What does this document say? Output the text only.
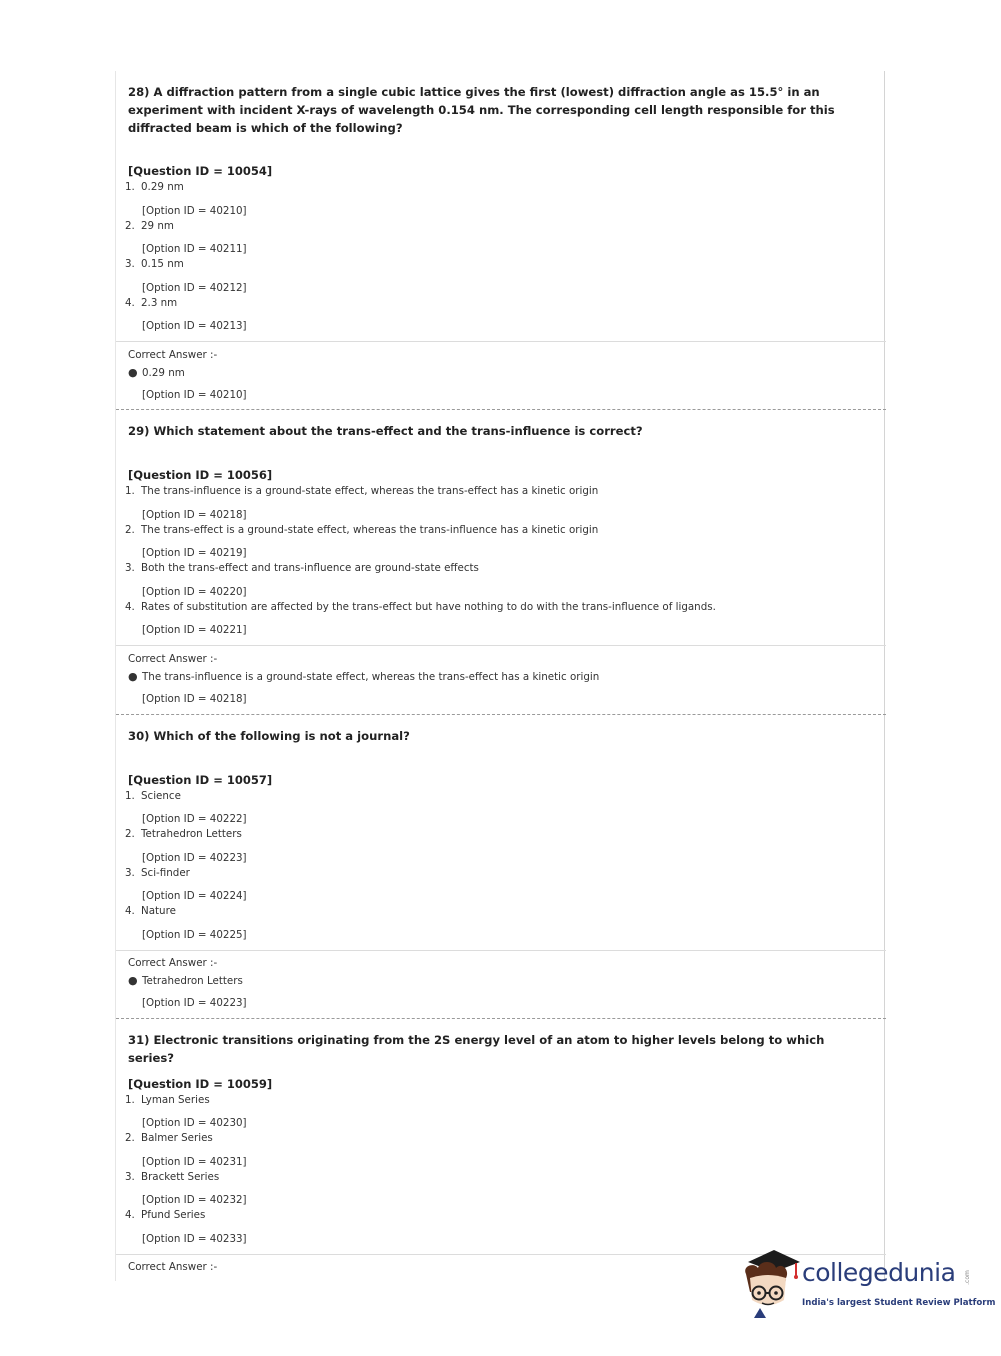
28) A diffraction pattern from a single cubic lattice gives the first (lowest) diffraction angle as 15.5° in an experiment with incident X-rays of wavelength 0.154 nm. The corresponding cell length responsible for this diffracted beam is which of the following?
[Question ID = 10054]
1. 0.29 nm
[Option ID = 40210]
2. 29 nm
[Option ID = 40211]
3. 0.15 nm
[Option ID = 40212]
4. 2.3 nm
[Option ID = 40213]
Correct Answer :-
● 0.29 nm
[Option ID = 40210]
29) Which statement about the trans-effect and the trans-influence is correct?
[Question ID = 10056]
1. The trans-influence is a ground-state effect, whereas the trans-effect has a kinetic origin
[Option ID = 40218]
2. The trans-effect is a ground-state effect, whereas the trans-influence has a kinetic origin
[Option ID = 40219]
3. Both the trans-effect and trans-influence are ground-state effects
[Option ID = 40220]
4. Rates of substitution are affected by the trans-effect but have nothing to do with the trans-influence of ligands.
[Option ID = 40221]
Correct Answer :-
● The trans-influence is a ground-state effect, whereas the trans-effect has a kinetic origin
[Option ID = 40218]
30) Which of the following is not a journal?
[Question ID = 10057]
1. Science
[Option ID = 40222]
2. Tetrahedron Letters
[Option ID = 40223]
3. Sci-finder
[Option ID = 40224]
4. Nature
[Option ID = 40225]
Correct Answer :-
● Tetrahedron Letters
[Option ID = 40223]
31) Electronic transitions originating from the 2S energy level of an atom to higher levels belong to which series?
[Question ID = 10059]
1. Lyman Series
[Option ID = 40230]
2. Balmer Series
[Option ID = 40231]
3. Brackett Series
[Option ID = 40232]
4. Pfund Series
[Option ID = 40233]
Correct Answer :-	collegedunia .com
India's largest Student Review Platform
